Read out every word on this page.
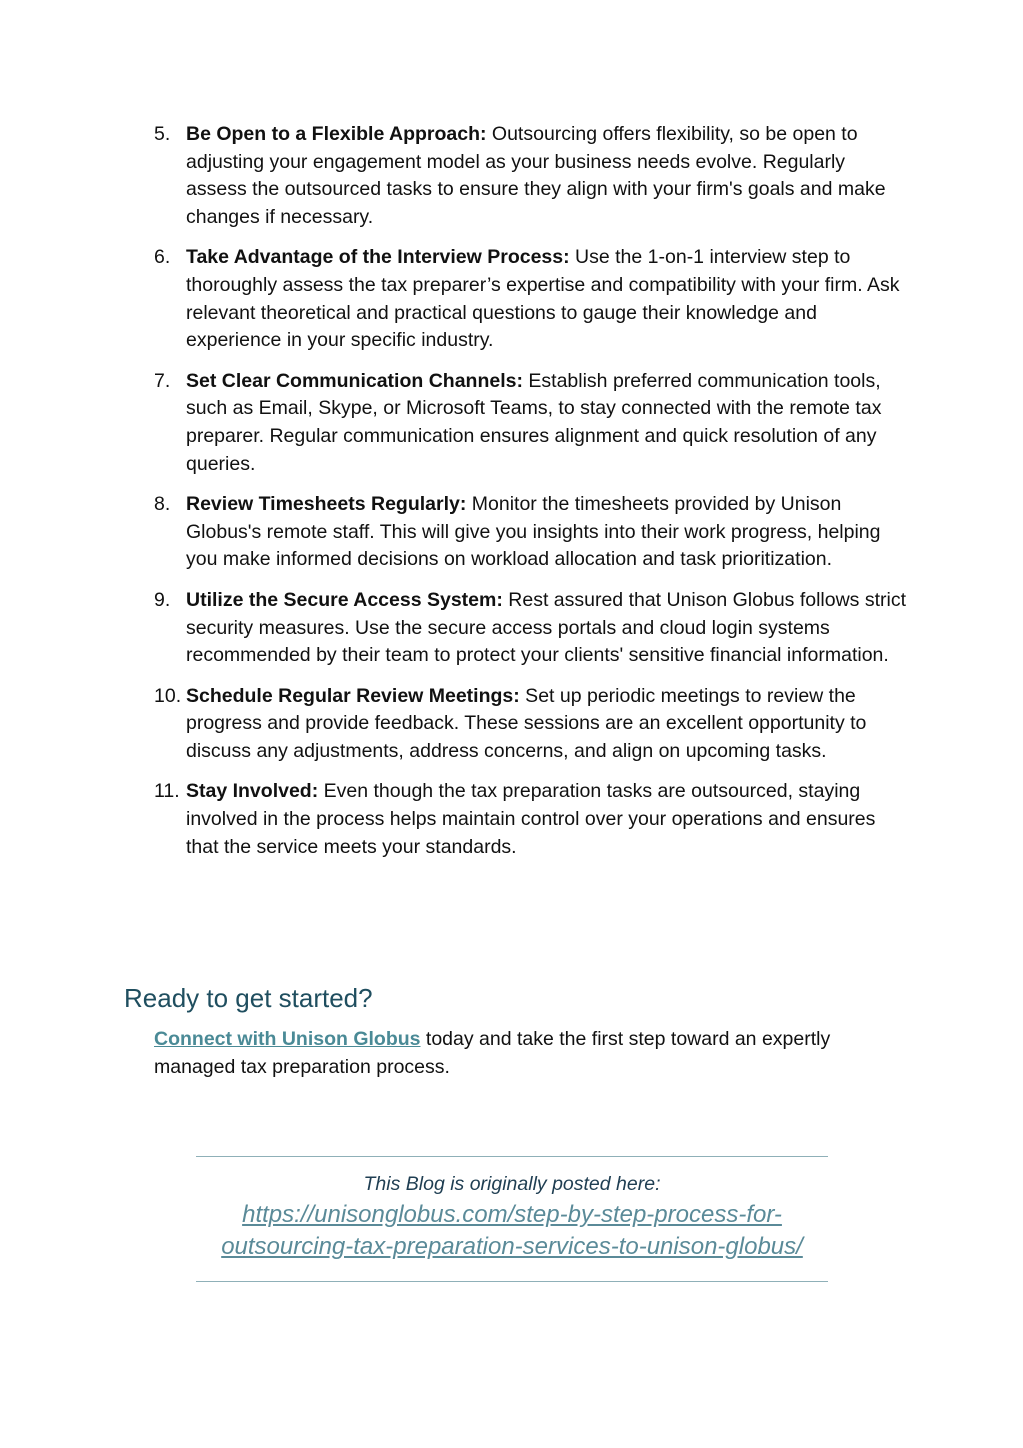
5. Be Open to a Flexible Approach: Outsourcing offers flexibility, so be open to adjusting your engagement model as your business needs evolve. Regularly assess the outsourced tasks to ensure they align with your firm's goals and make changes if necessary.
6. Take Advantage of the Interview Process: Use the 1-on-1 interview step to thoroughly assess the tax preparer’s expertise and compatibility with your firm. Ask relevant theoretical and practical questions to gauge their knowledge and experience in your specific industry.
7. Set Clear Communication Channels: Establish preferred communication tools, such as Email, Skype, or Microsoft Teams, to stay connected with the remote tax preparer. Regular communication ensures alignment and quick resolution of any queries.
8. Review Timesheets Regularly: Monitor the timesheets provided by Unison Globus's remote staff. This will give you insights into their work progress, helping you make informed decisions on workload allocation and task prioritization.
9. Utilize the Secure Access System: Rest assured that Unison Globus follows strict security measures. Use the secure access portals and cloud login systems recommended by their team to protect your clients' sensitive financial information.
10. Schedule Regular Review Meetings: Set up periodic meetings to review the progress and provide feedback. These sessions are an excellent opportunity to discuss any adjustments, address concerns, and align on upcoming tasks.
11. Stay Involved: Even though the tax preparation tasks are outsourced, staying involved in the process helps maintain control over your operations and ensures that the service meets your standards.
Ready to get started?

Connect with Unison Globus today and take the first step toward an expertly managed tax preparation process.

This Blog is originally posted here:
https://unisonglobus.com/step-by-step-process-for-
outsourcing-tax-preparation-services-to-unison-globus/
